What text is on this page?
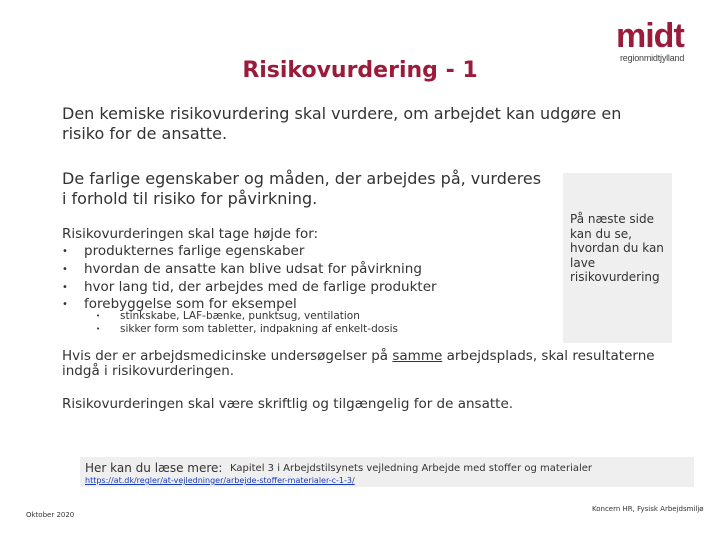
midt
regionmidtjylland
Risikovurdering - 1
Den kemiske risikovurdering skal vurdere, om arbejdet kan udgøre en risiko for de ansatte.
De farlige egenskaber og måden, der arbejdes på, vurderes i forhold til risiko for påvirkning.
På næste side kan du se, hvordan du kan lave risikovurdering
Risikovurderingen skal tage højde for:
• produkternes farlige egenskaber
• hvordan de ansatte kan blive udsat for påvirkning
• hvor lang tid, der arbejdes med de farlige produkter
• forebyggelse som for eksempel
• stinkskabe, LAF-bænke, punktsug, ventilation
• sikker form som tabletter, indpakning af enkelt-dosis
Hvis der er arbejdsmedicinske undersøgelser på samme arbejdsplads, skal resultaterne indgå i risikovurderingen.
Risikovurderingen skal være skriftlig og tilgængelig for de ansatte.
Her kan du læse mere: Kapitel 3 i Arbejdstilsynets vejledning Arbejde med stoffer og materialer
https://at.dk/regler/at-vejledninger/arbejde-stoffer-materialer-c-1-3/
Oktober 2020
Koncern HR, Fysisk Arbejdsmiljø
